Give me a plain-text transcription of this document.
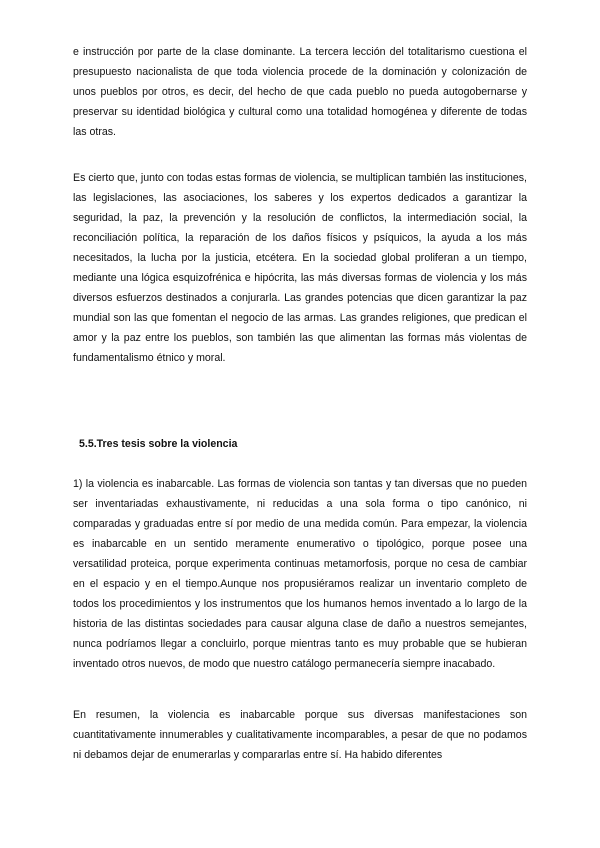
e instrucción por parte de la clase dominante. La tercera lección del totalitarismo cuestiona el presupuesto nacionalista de que toda violencia procede de la dominación y colonización de unos pueblos por otros, es decir, del hecho de que cada pueblo no pueda autogobernarse y preservar su identidad biológica y cultural como una totalidad homogénea y diferente de todas las otras.

Es cierto que, junto con todas estas formas de violencia, se multiplican también las instituciones, las legislaciones, las asociaciones, los saberes y los expertos dedicados a garantizar la seguridad, la paz, la prevención y la resolución de conflictos, la intermediación social, la reconciliación política, la reparación de los daños físicos y psíquicos, la ayuda a los más necesitados, la lucha por la justicia, etcétera. En la sociedad global proliferan a un tiempo, mediante una lógica esquizofrénica e hipócrita, las más diversas formas de violencia y los más diversos esfuerzos destinados a conjurarla. Las grandes potencias que dicen garantizar la paz mundial son las que fomentan el negocio de las armas. Las grandes religiones, que predican el amor y la paz entre los pueblos, son también las que alimentan las formas más violentas de fundamentalismo étnico y moral.

5.5.Tres tesis sobre la violencia

1) la violencia es inabarcable. Las formas de violencia son tantas y tan diversas que no pueden ser inventariadas exhaustivamente, ni reducidas a una sola forma o tipo canónico, ni comparadas y graduadas entre sí por medio de una medida común. Para empezar, la violencia es inabarcable en un sentido meramente enumerativo o tipológico, porque posee una versatilidad proteica, porque experimenta continuas metamorfosis, porque no cesa de cambiar en el espacio y en el tiempo.Aunque nos propusiéramos realizar un inventario completo de todos los procedimientos y los instrumentos que los humanos hemos inventado a lo largo de la historia de las distintas sociedades para causar alguna clase de daño a nuestros semejantes, nunca podríamos llegar a concluirlo, porque mientras tanto es muy probable que se hubieran inventado otros nuevos, de modo que nuestro catálogo permanecería siempre inacabado.

En resumen, la violencia es inabarcable porque sus diversas manifestaciones son cuantitativamente innumerables y cualitativamente incomparables, a pesar de que no podamos ni debamos dejar de enumerarlas y compararlas entre sí. Ha habido diferentes
